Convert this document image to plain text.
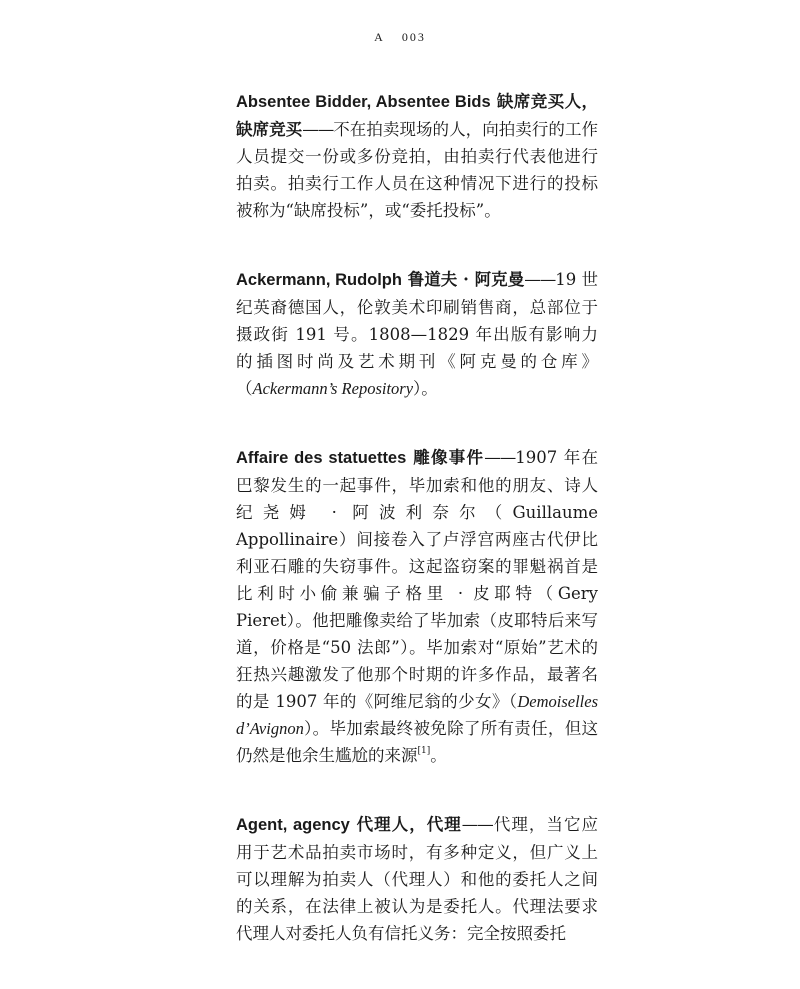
A 003

Absentee Bidder, Absentee Bids 缺席竞买人，缺席竞买——不在拍卖现场的人，向拍卖行的工作人员提交一份或多份竞拍，由拍卖行代表他进行拍卖。拍卖行工作人员在这种情况下进行的投标被称为“缺席投标”，或“委托投标”。

Ackermann, Rudolph 鲁道夫 · 阿克曼——19 世纪英裔德国人，伦敦美术印刷销售商，总部位于摄政街 191 号。1808—1829 年出版有影响力的插图时尚及艺术期刊《阿克曼的仓库》（Ackermann’s Repository）。

Affaire des statuettes 雕像事件——1907 年在巴黎发生的一起事件，毕加索和他的朋友、诗人纪尧姆 · 阿波利奈尔（Guillaume Appollinaire）间接卷入了卢浮宫两座古代伊比利亚石雕的失窃事件。这起盗窃案的罪魁祸首是比利时小偷兼骗子格里 · 皮耶特（Gery Pieret）。他把雕像卖给了毕加索（皮耶特后来写道，价格是“50 法郎”）。毕加索对“原始”艺术的狂热兴趣激发了他那个时期的许多作品，最著名的是 1907 年的《阿维尼翁的少女》（Demoiselles d’Avignon）。毕加索最终被免除了所有责任，但这仍然是他余生尴尬的来源[1]。

Agent, agency 代理人，代理——代理，当它应用于艺术品拍卖市场时，有多种定义，但广义上可以理解为拍卖人（代理人）和他的委托人之间的关系，在法律上被认为是委托人。代理法要求代理人对委托人负有信托义务：完全按照委托
